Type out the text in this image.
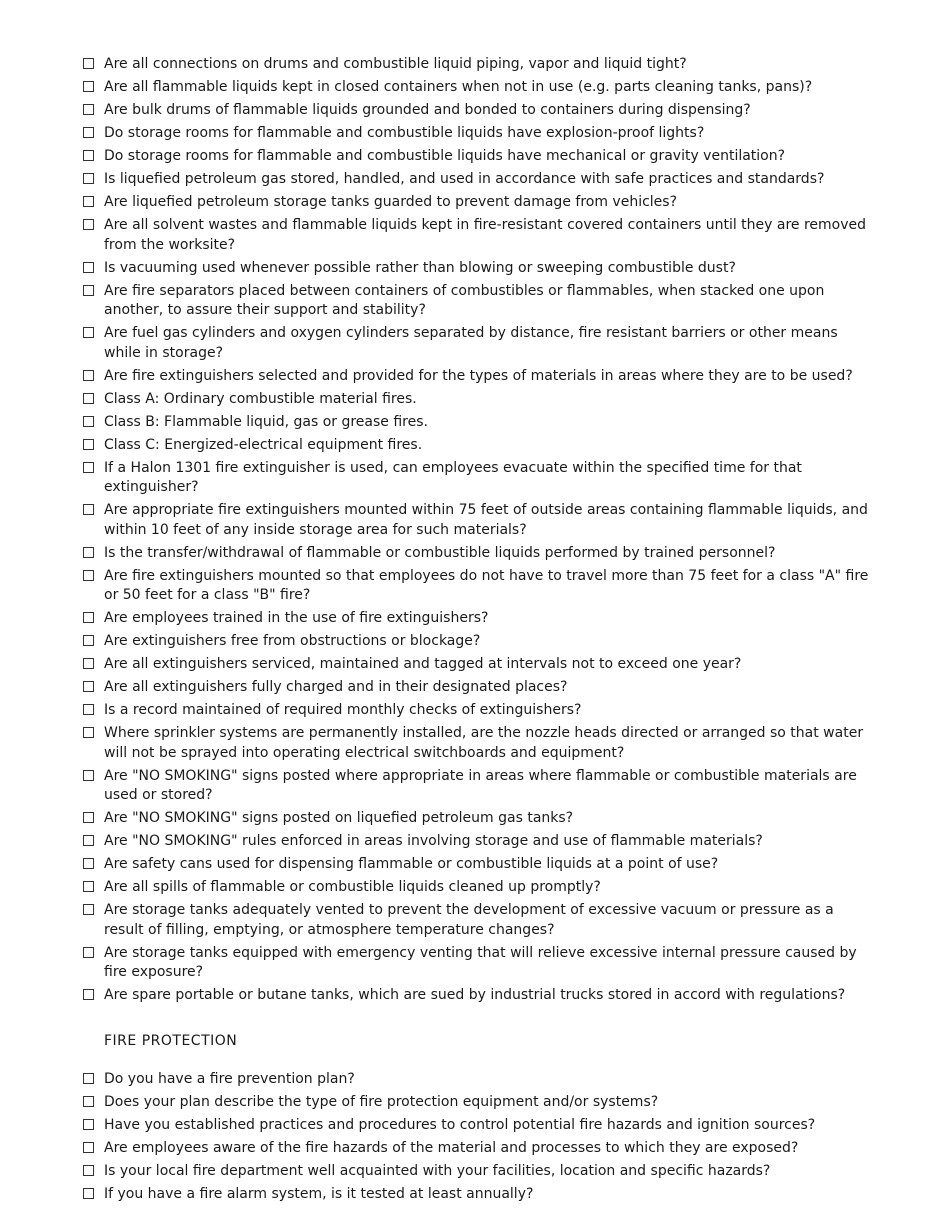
Are all connections on drums and combustible liquid piping, vapor and liquid tight?
Are all flammable liquids kept in closed containers when not in use (e.g. parts cleaning tanks, pans)?
Are bulk drums of flammable liquids grounded and bonded to containers during dispensing?
Do storage rooms for flammable and combustible liquids have explosion-proof lights?
Do storage rooms for flammable and combustible liquids have mechanical or gravity ventilation?
Is liquefied petroleum gas stored, handled, and used in accordance with safe practices and standards?
Are liquefied petroleum storage tanks guarded to prevent damage from vehicles?
Are all solvent wastes and flammable liquids kept in fire-resistant covered containers until they are removed from the worksite?
Is vacuuming used whenever possible rather than blowing or sweeping combustible dust?
Are fire separators placed between containers of combustibles or flammables, when stacked one upon another, to assure their support and stability?
Are fuel gas cylinders and oxygen cylinders separated by distance, fire resistant barriers or other means while in storage?
Are fire extinguishers selected and provided for the types of materials in areas where they are to be used?
Class A: Ordinary combustible material fires.
Class B: Flammable liquid, gas or grease fires.
Class C: Energized-electrical equipment fires.
If a Halon 1301 fire extinguisher is used, can employees evacuate within the specified time for that extinguisher?
Are appropriate fire extinguishers mounted within 75 feet of outside areas containing flammable liquids, and within 10 feet of any inside storage area for such materials?
Is the transfer/withdrawal of flammable or combustible liquids performed by trained personnel?
Are fire extinguishers mounted so that employees do not have to travel more than 75 feet for a class "A" fire or 50 feet for a class "B" fire?
Are employees trained in the use of fire extinguishers?
Are extinguishers free from obstructions or blockage?
Are all extinguishers serviced, maintained and tagged at intervals not to exceed one year?
Are all extinguishers fully charged and in their designated places?
Is a record maintained of required monthly checks of extinguishers?
Where sprinkler systems are permanently installed, are the nozzle heads directed or arranged so that water will not be sprayed into operating electrical switchboards and equipment?
Are "NO SMOKING" signs posted where appropriate in areas where flammable or combustible materials are used or stored?
Are "NO SMOKING" signs posted on liquefied petroleum gas tanks?
Are "NO SMOKING" rules enforced in areas involving storage and use of flammable materials?
Are safety cans used for dispensing flammable or combustible liquids at a point of use?
Are all spills of flammable or combustible liquids cleaned up promptly?
Are storage tanks adequately vented to prevent the development of excessive vacuum or pressure as a result of filling, emptying, or atmosphere temperature changes?
Are storage tanks equipped with emergency venting that will relieve excessive internal pressure caused by fire exposure?
Are spare portable or butane tanks, which are sued by industrial trucks stored in accord with regulations?
FIRE PROTECTION
Do you have a fire prevention plan?
Does your plan describe the type of fire protection equipment and/or systems?
Have you established practices and procedures to control potential fire hazards and ignition sources?
Are employees aware of the fire hazards of the material and processes to which they are exposed?
Is your local fire department well acquainted with your facilities, location and specific hazards?
If you have a fire alarm system, is it tested at least annually?
